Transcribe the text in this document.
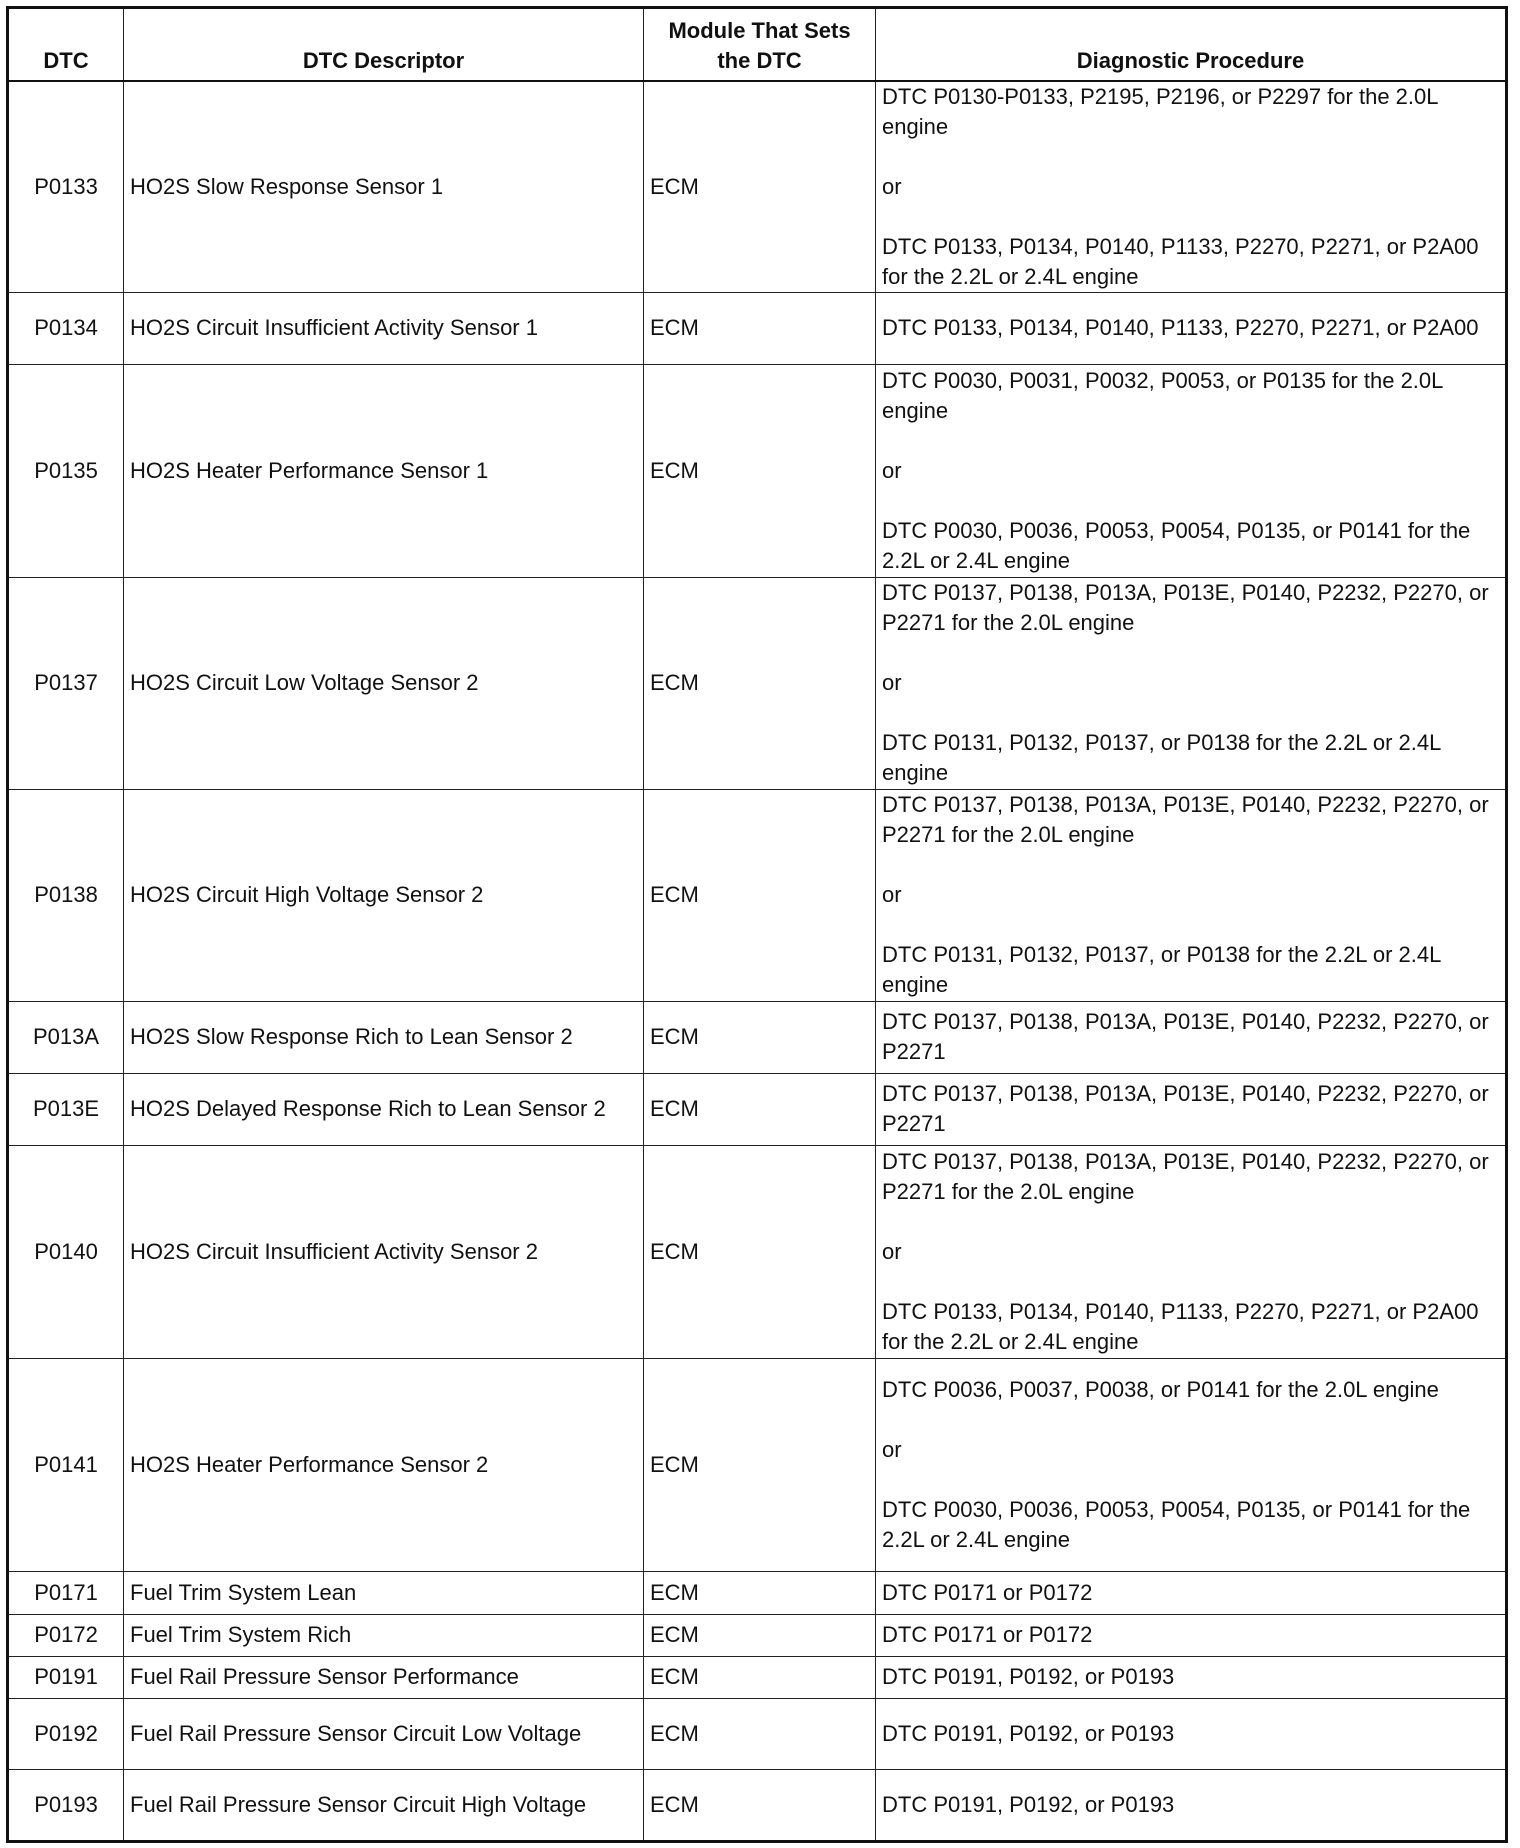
DTC	DTC Descriptor	Module That Sets the DTC	Diagnostic Procedure
P0133	HO2S Slow Response Sensor 1	ECM	DTC P0130-P0133, P2195, P2196, or P2297 for the 2.0L engine

or

DTC P0133, P0134, P0140, P1133, P2270, P2271, or P2A00 for the 2.2L or 2.4L engine
P0134	HO2S Circuit Insufficient Activity Sensor 1	ECM	DTC P0133, P0134, P0140, P1133, P2270, P2271, or P2A00
P0135	HO2S Heater Performance Sensor 1	ECM	DTC P0030, P0031, P0032, P0053, or P0135 for the 2.0L engine

or

DTC P0030, P0036, P0053, P0054, P0135, or P0141 for the 2.2L or 2.4L engine
P0137	HO2S Circuit Low Voltage Sensor 2	ECM	DTC P0137, P0138, P013A, P013E, P0140, P2232, P2270, or P2271 for the 2.0L engine

or

DTC P0131, P0132, P0137, or P0138 for the 2.2L or 2.4L engine
P0138	HO2S Circuit High Voltage Sensor 2	ECM	DTC P0137, P0138, P013A, P013E, P0140, P2232, P2270, or P2271 for the 2.0L engine

or

DTC P0131, P0132, P0137, or P0138 for the 2.2L or 2.4L engine
P013A	HO2S Slow Response Rich to Lean Sensor 2	ECM	DTC P0137, P0138, P013A, P013E, P0140, P2232, P2270, or P2271
P013E	HO2S Delayed Response Rich to Lean Sensor 2	ECM	DTC P0137, P0138, P013A, P013E, P0140, P2232, P2270, or P2271
P0140	HO2S Circuit Insufficient Activity Sensor 2	ECM	DTC P0137, P0138, P013A, P013E, P0140, P2232, P2270, or P2271 for the 2.0L engine

or

DTC P0133, P0134, P0140, P1133, P2270, P2271, or P2A00 for the 2.2L or 2.4L engine
P0141	HO2S Heater Performance Sensor 2	ECM	DTC P0036, P0037, P0038, or P0141 for the 2.0L engine

or

DTC P0030, P0036, P0053, P0054, P0135, or P0141 for the 2.2L or 2.4L engine
P0171	Fuel Trim System Lean	ECM	DTC P0171 or P0172
P0172	Fuel Trim System Rich	ECM	DTC P0171 or P0172
P0191	Fuel Rail Pressure Sensor Performance	ECM	DTC P0191, P0192, or P0193
P0192	Fuel Rail Pressure Sensor Circuit Low Voltage	ECM	DTC P0191, P0192, or P0193
P0193	Fuel Rail Pressure Sensor Circuit High Voltage	ECM	DTC P0191, P0192, or P0193
